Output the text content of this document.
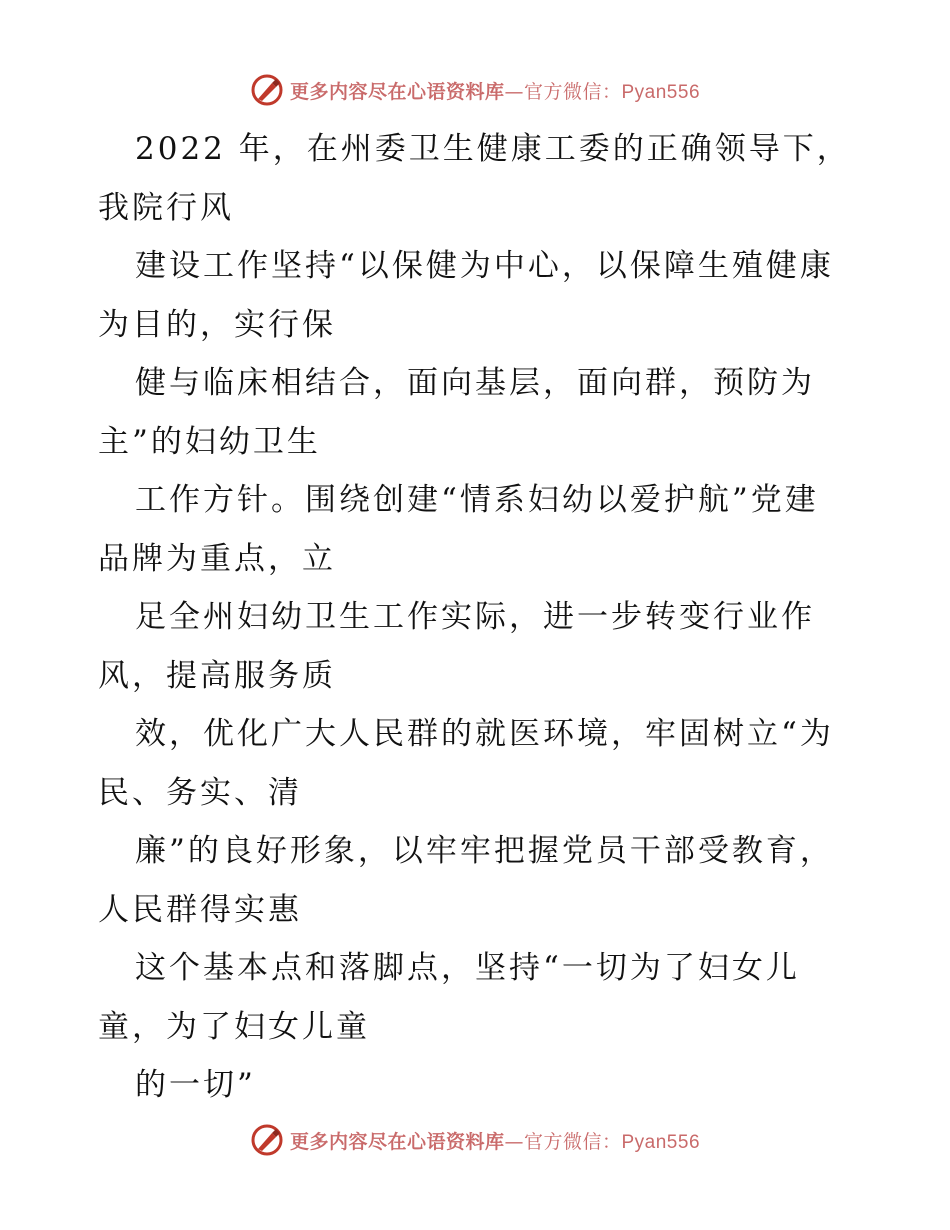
更多内容尽在心语资料库—官方微信：Pyan556
2022 年，在州委卫生健康工委的正确领导下，
我院行风
建设工作坚持“以保健为中心，以保障生殖健康
为目的，实行保
健与临床相结合，面向基层，面向群，预防为
主”的妇幼卫生
工作方针。围绕创建“情系妇幼以爱护航”党建
品牌为重点，立
足全州妇幼卫生工作实际，进一步转变行业作
风，提高服务质
效，优化广大人民群的就医环境，牢固树立“为
民、务实、清
廉”的良好形象，以牢牢把握党员干部受教育，
人民群得实惠
这个基本点和落脚点，坚持“一切为了妇女儿
童，为了妇女儿童
的一切”
更多内容尽在心语资料库—官方微信：Pyan556
